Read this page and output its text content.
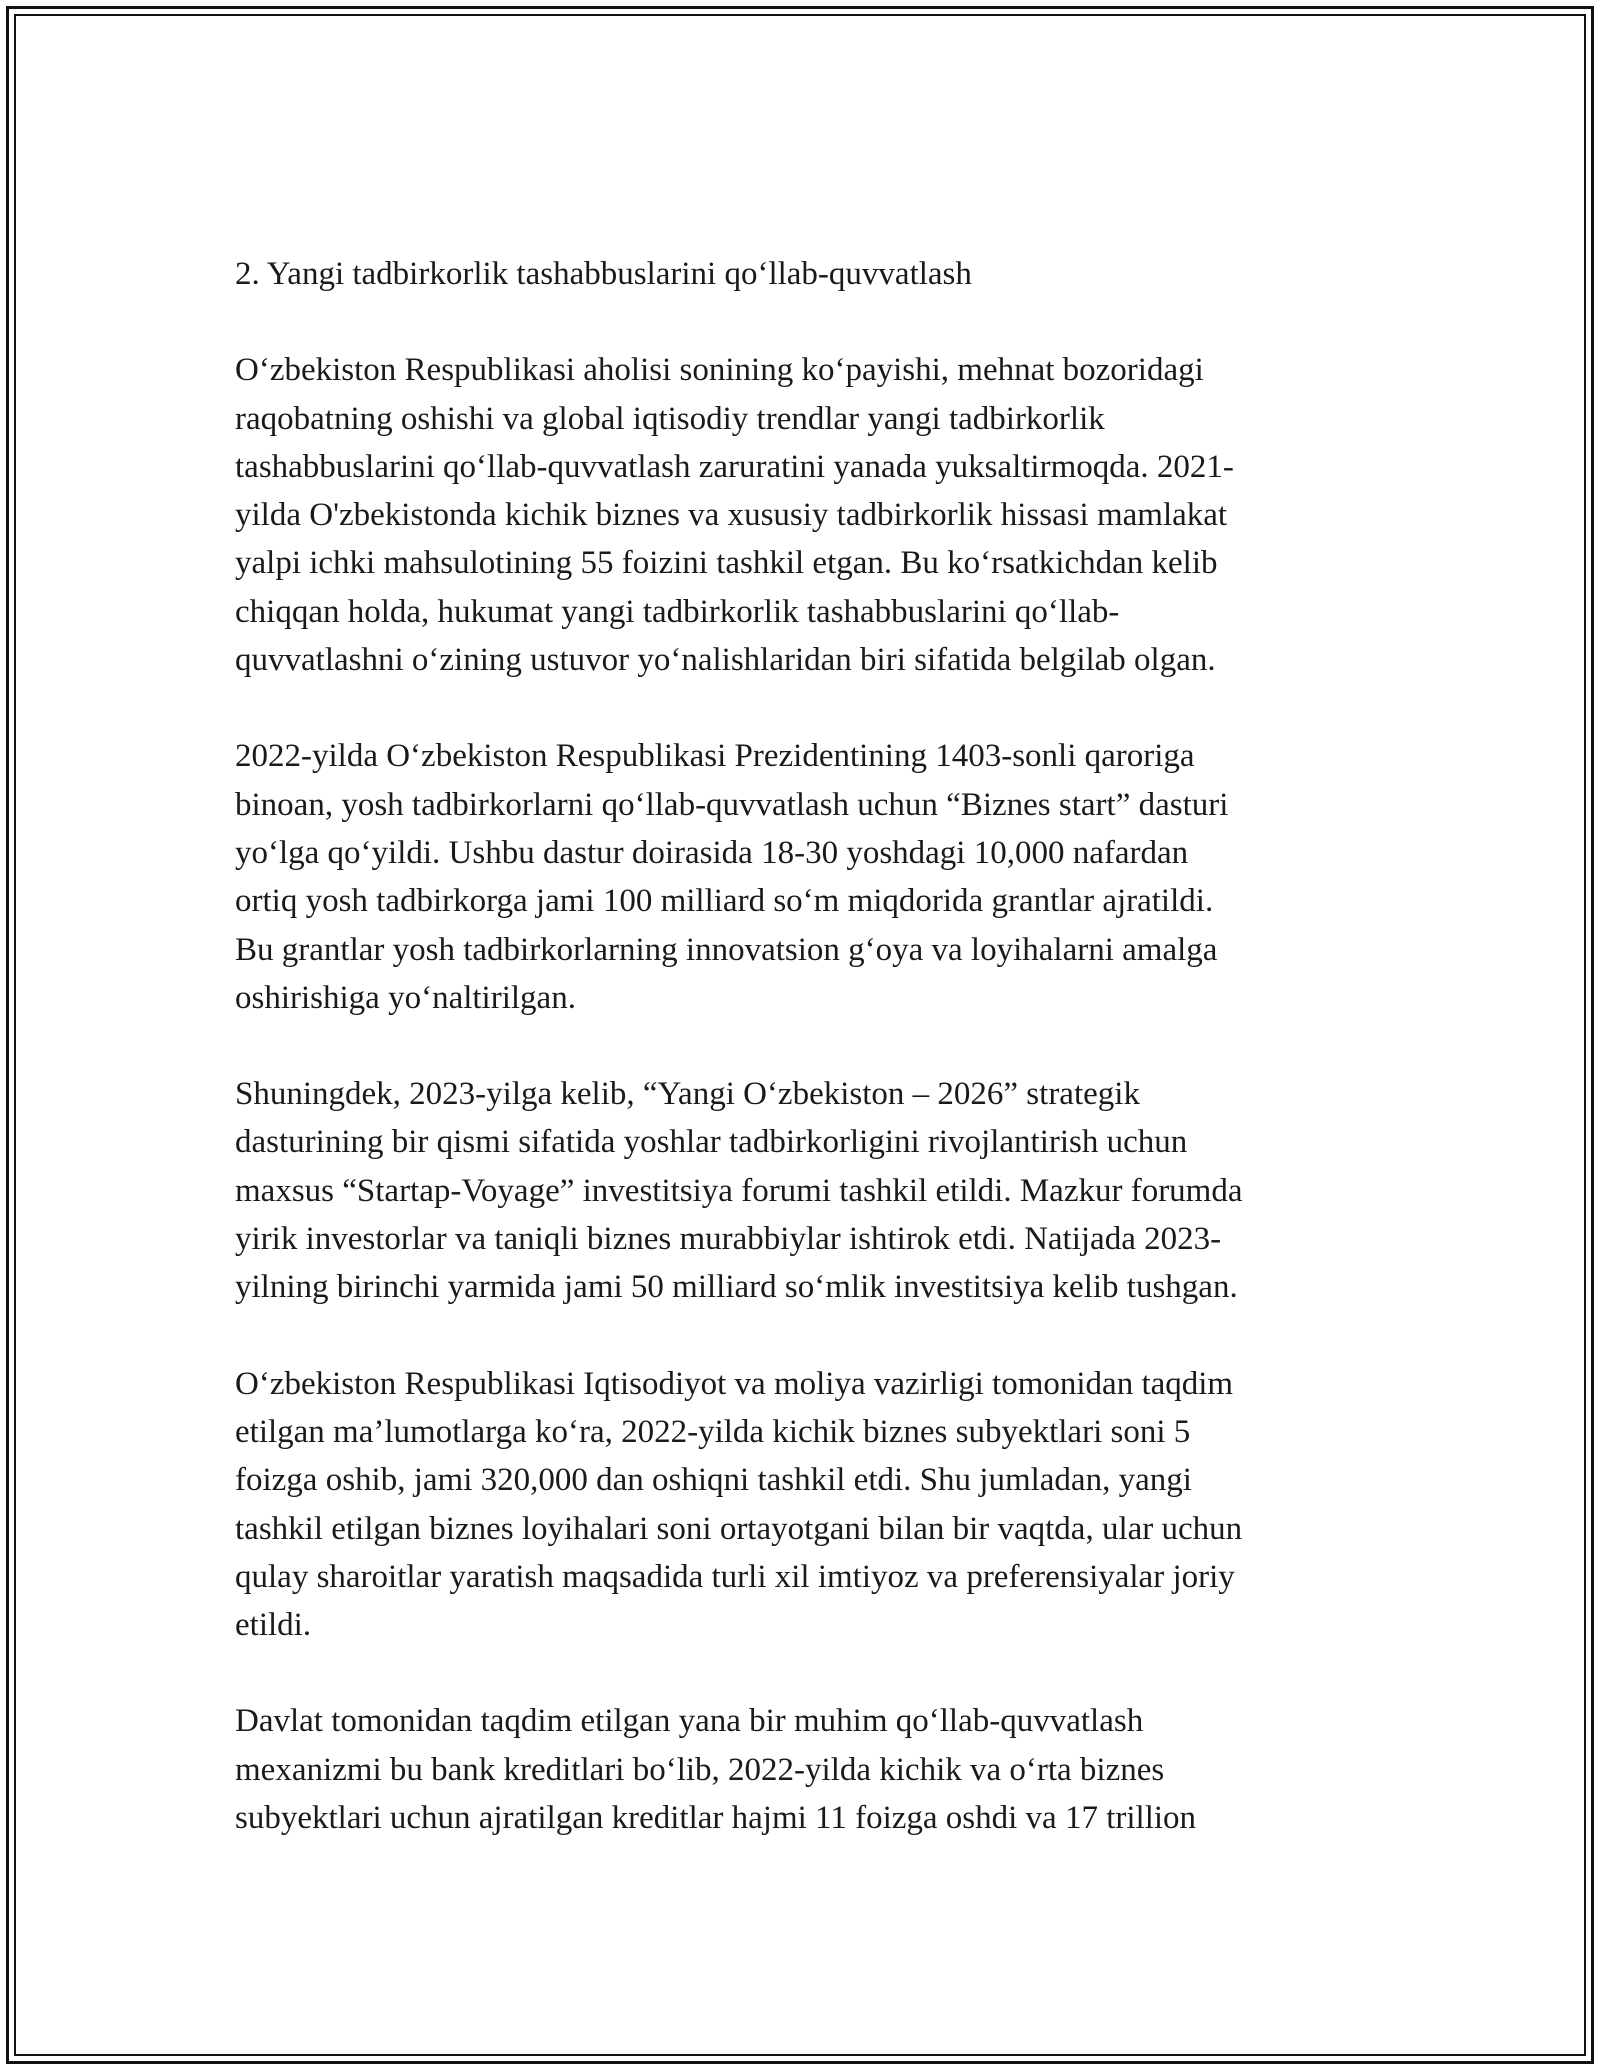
2. Yangi tadbirkorlik tashabbuslarini qo‘llab-quvvatlash

O‘zbekiston Respublikasi aholisi sonining ko‘payishi, mehnat bozoridagi
raqobatning oshishi va global iqtisodiy trendlar yangi tadbirkorlik
tashabbuslarini qo‘llab-quvvatlash zaruratini yanada yuksaltirmoqda. 2021-
yilda O'zbekistonda kichik biznes va xususiy tadbirkorlik hissasi mamlakat
yalpi ichki mahsulotining 55 foizini tashkil etgan. Bu ko‘rsatkichdan kelib
chiqqan holda, hukumat yangi tadbirkorlik tashabbuslarini qo‘llab-
quvvatlashni o‘zining ustuvor yo‘nalishlaridan biri sifatida belgilab olgan.

2022-yilda O‘zbekiston Respublikasi Prezidentining 1403-sonli qaroriga
binoan, yosh tadbirkorlarni qo‘llab-quvvatlash uchun “Biznes start” dasturi
yo‘lga qo‘yildi. Ushbu dastur doirasida 18-30 yoshdagi 10,000 nafardan
ortiq yosh tadbirkorga jami 100 milliard so‘m miqdorida grantlar ajratildi.
Bu grantlar yosh tadbirkorlarning innovatsion g‘oya va loyihalarni amalga
oshirishiga yo‘naltirilgan.

Shuningdek, 2023-yilga kelib, “Yangi O‘zbekiston – 2026” strategik
dasturining bir qismi sifatida yoshlar tadbirkorligini rivojlantirish uchun
maxsus “Startap-Voyage” investitsiya forumi tashkil etildi. Mazkur forumda
yirik investorlar va taniqli biznes murabbiylar ishtirok etdi. Natijada 2023-
yilning birinchi yarmida jami 50 milliard so‘mlik investitsiya kelib tushgan.

O‘zbekiston Respublikasi Iqtisodiyot va moliya vazirligi tomonidan taqdim
etilgan ma’lumotlarga ko‘ra, 2022-yilda kichik biznes subyektlari soni 5
foizga oshib, jami 320,000 dan oshiqni tashkil etdi. Shu jumladan, yangi
tashkil etilgan biznes loyihalari soni ortayotgani bilan bir vaqtda, ular uchun
qulay sharoitlar yaratish maqsadida turli xil imtiyoz va preferensiyalar joriy
etildi.

Davlat tomonidan taqdim etilgan yana bir muhim qo‘llab-quvvatlash
mexanizmi bu bank kreditlari bo‘lib, 2022-yilda kichik va o‘rta biznes
subyektlari uchun ajratilgan kreditlar hajmi 11 foizga oshdi va 17 trillion
